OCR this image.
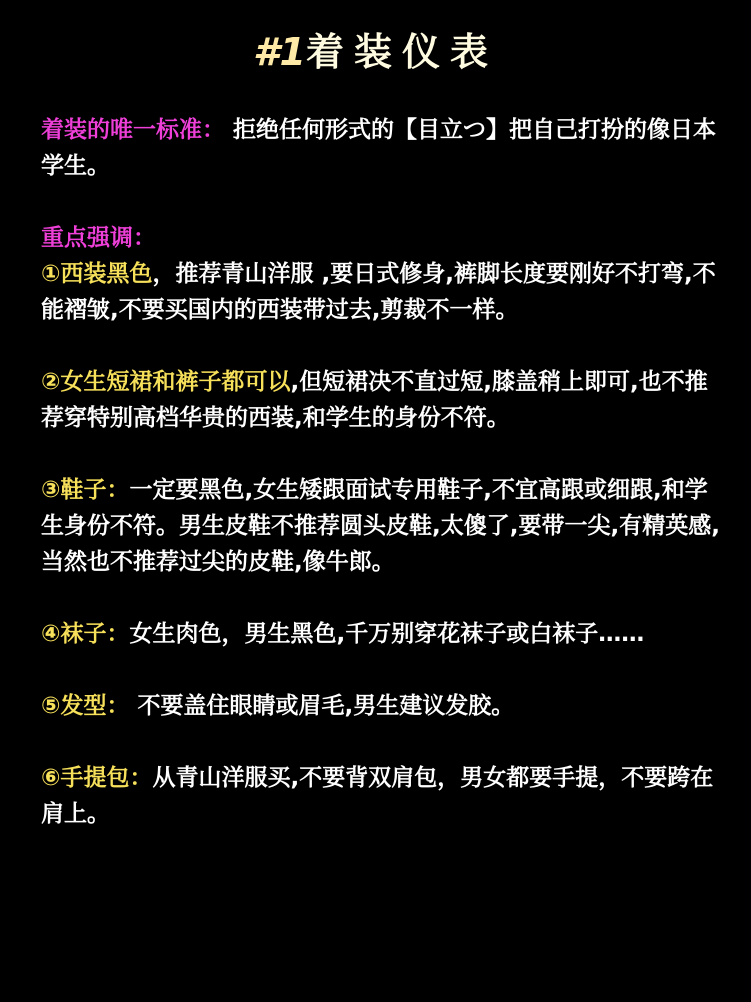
#1着装仪表

着装的唯一标准： 拒绝任何形式的【目立つ】把自己打扮的像日本学生。

重点强调：

①西装黑色，推荐青山洋服 ,要日式修身,裤脚长度要刚好不打弯,不能褶皱,不要买国内的西装带过去,剪裁不一样。

②女生短裙和裤子都可以,但短裙决不直过短,膝盖稍上即可,也不推荐穿特别高档华贵的西装,和学生的身份不符。

③鞋子：一定要黑色,女生矮跟面试专用鞋子,不宜高跟或细跟,和学生身份不符。男生皮鞋不推荐圆头皮鞋,太傻了,要带一尖,有精英感,当然也不推荐过尖的皮鞋,像牛郎。

④袜子：女生肉色，男生黑色,千万别穿花袜子或白袜子……

⑤发型： 不要盖住眼睛或眉毛,男生建议发胶。

⑥手提包：从青山洋服买,不要背双肩包，男女都要手提，不要跨在肩上。
